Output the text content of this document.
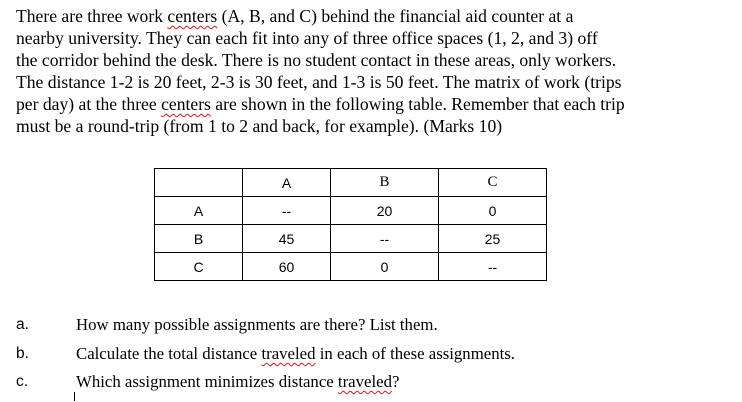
There are three work centers (A, B, and C) behind the financial aid counter at a
nearby university. They can each fit into any of three office spaces (1, 2, and 3) off
the corridor behind the desk. There is no student contact in these areas, only workers.
The distance 1-2 is 20 feet, 2-3 is 30 feet, and 1-3 is 50 feet. The matrix of work (trips
per day) at the three centers are shown in the following table. Remember that each trip
must be a round-trip (from 1 to 2 and back, for example). (Marks 10)
	A	B	C
A	--	20	0
B	45	--	25
C	60	0	--
a.	How many possible assignments are there? List them.
b.	Calculate the total distance traveled in each of these assignments.
c.	Which assignment minimizes distance traveled?
